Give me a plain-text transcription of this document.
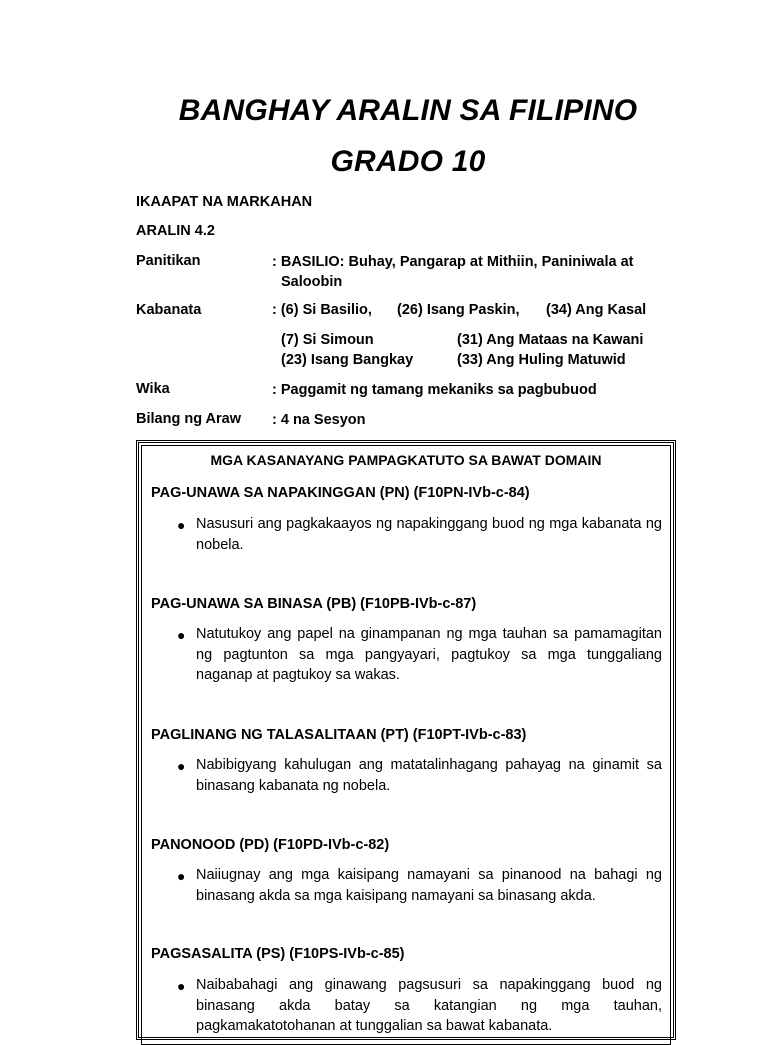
BANGHAY ARALIN SA FILIPINO
GRADO 10
IKAAPAT NA MARKAHAN
ARALIN 4.2
Panitikan	: BASILIO: Buhay, Pangarap at Mithiin, Paniniwala at
Saloobin
Kabanata	: (6) Si Basilio, (26) Isang Paskin, (34) Ang Kasal
(7) Si Simoun	(31) Ang Mataas na Kawani
(23) Isang Bangkay	(33) Ang Huling Matuwid
Wika	: Paggamit ng tamang mekaniks sa pagbubuod
Bilang ng Araw : 4 na Sesyon
MGA KASANAYANG PAMPAGKATUTO SA BAWAT DOMAIN
PAG-UNAWA SA NAPAKINGGAN (PN) (F10PN-IVb-c-84)
● Nasusuri ang pagkakaayos ng napakinggang buod ng mga kabanata ng nobela.
PAG-UNAWA SA BINASA (PB) (F10PB-IVb-c-87)
● Natutukoy ang papel na ginampanan ng mga tauhan sa pamamagitan ng pagtunton sa mga pangyayari, pagtukoy sa mga tunggaliang naganap at pagtukoy sa wakas.
PAGLINANG NG TALASALITAAN (PT) (F10PT-IVb-c-83)
● Nabibigyang kahulugan ang matatalinhagang pahayag na ginamit sa binasang kabanata ng nobela.
PANONOOD (PD) (F10PD-IVb-c-82)
● Naiiugnay ang mga kaisipang namayani sa pinanood na bahagi ng binasang akda sa mga kaisipang namayani sa binasang akda.
PAGSASALITA (PS) (F10PS-IVb-c-85)
● Naibabahagi ang ginawang pagsusuri sa napakinggang buod ng binasang akda batay sa katangian ng mga tauhan, pagkamakatotohanan at tunggalian sa bawat kabanata.
